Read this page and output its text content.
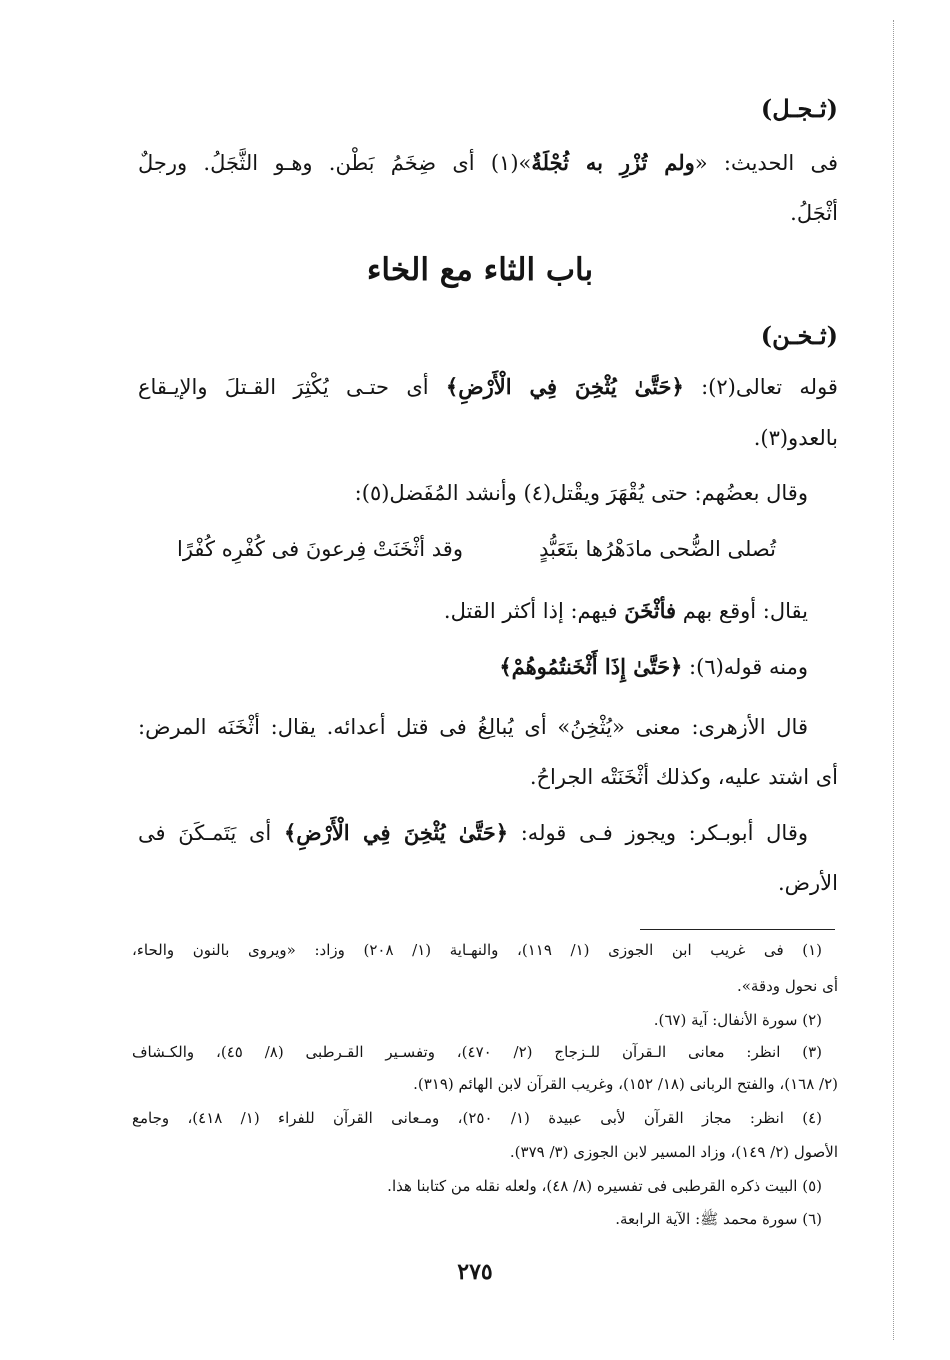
(ثـجـل)
فى الحديث: «ولم تُزْرِ به ثُجْلَةٌ»(١) أى ضِخَمُ بَطْن. وهـو الثَّجَلُ. ورجلٌ
أثْجَلُ.
باب الثاء مع الخاء
(ثـخـن)
قوله تعالى(٢): ﴿حَتَّىٰ يُثْخِنَ فِي الْأَرْضِ﴾ أى حتـى يُكْثِرَ القـتلَ والإيـقاع
بالعدو(٣).
وقال بعضُهم: حتى يُقْهَرَ ويقْتل(٤) وأنشد المُفَضل(٥):
تُصلى الضُّحى مادَهْرُها بتَعَبُّدٍ
وقد أثْخَنَتْ فِرعونَ فى كُفْرِه كُفْرًا
يقال: أوقع بهم فأثْخَنَ فيهم: إذا أكثر القتل.
ومنه قوله(٦): ﴿حَتَّىٰ إِذَا أَثْخَنتُمُوهُمْ﴾
قال الأزهرى: معنى «يُثْخِنُ» أى يُبالِغُ فى قتل أعدائه. يقال: أثْخَنَه المرض:
أى اشتد عليه، وكذلك أثْخَنَتْه الجراحُ.
وقال أبوبـكر: ويجوز فـى قوله: ﴿حَتَّىٰ يُثْخِنَ فِي الْأَرْضِ﴾ أى يَتَمـكَنَ فى
الأرض.
(١) فى غريب ابن الجوزى (١/ ١١٩)، والنهـاية (١/ ٢٠٨) وزاد: «ويروى بالنون والحاء،
أى نحول ودقة».
(٢) سورة الأنفال: آية (٦٧).
(٣) انظر: معانى الـقرآن للـزجاج (٢/ ٤٧٠)، وتفسـير القـرطبى (٨/ ٤٥)، والكـشاف
(٢/ ١٦٨)، والفتح الربانى (١٨/ ١٥٢)، وغريب القرآن لابن الهائم (٣١٩).
(٤) انظر: مجاز القرآن لأبى عبيدة (١/ ٢٥٠)، ومـعانى القرآن للفراء (١/ ٤١٨)، وجامع
الأصول (٢/ ١٤٩)، وزاد المسير لابن الجوزى (٣/ ٣٧٩).
(٥) البيت ذكره القرطبى فى تفسيره (٨/ ٤٨)، ولعله نقله من كتابنا هذا.
(٦) سورة محمد ﷺ: الآية الرابعة.
٢٧٥
